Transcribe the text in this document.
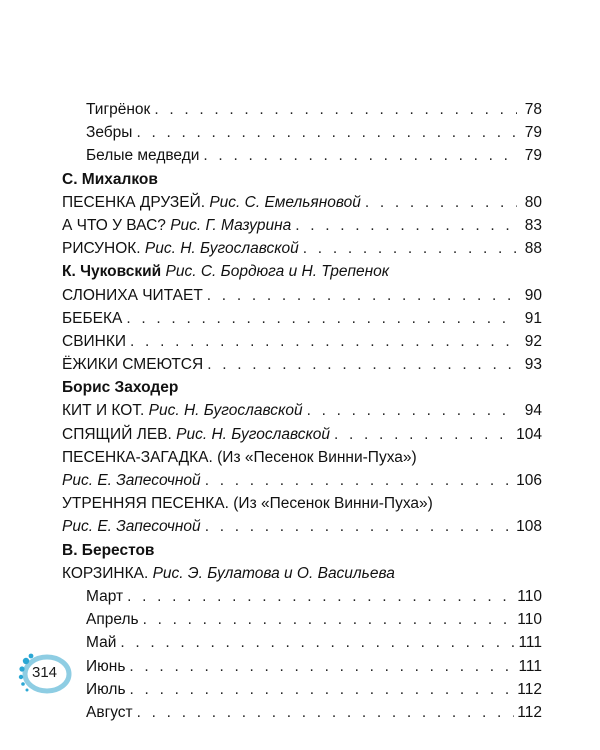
Тигрёнок . . .	78
Зебры . . .	79
Белые медведи . . .	79
С. Михалков
ПЕСЕНКА ДРУЗЕЙ.
Рис. С. Емельяновой . . .	80
А ЧТО У ВАС?
Рис. Г. Мазурина . . .	83
РИСУНОК.
Рис. Н. Бугославской . . .	88
К. Чуковский
Рис. С. Бордюга и Н. Трепенок
СЛОНИХА ЧИТАЕТ . . .	90
БЕБЕКА . . .	91
СВИНКИ . . .	92
ЁЖИКИ СМЕЮТСЯ . . .	93
Борис Заходер
КИТ И КОТ.
Рис. Н. Бугославской . . .	94
СПЯЩИЙ ЛЕВ.
Рис. Н. Бугославской . . .	104
ПЕСЕНКА-ЗАГАДКА.
(Из «Песенок Винни-Пуха»)
Рис. Е. Запесочной . . .	106
УТРЕННЯЯ ПЕСЕНКА.
(Из «Песенок Винни-Пуха»)
Рис. Е. Запесочной . . .	108
В. Берестов
КОРЗИНКА.
Рис. Э. Булатова и О. Васильева
Март . . .	110
Апрель . . .	110
Май . . .	111
Июнь . . .	111
Июль . . .	112
Август . . .	112
314
